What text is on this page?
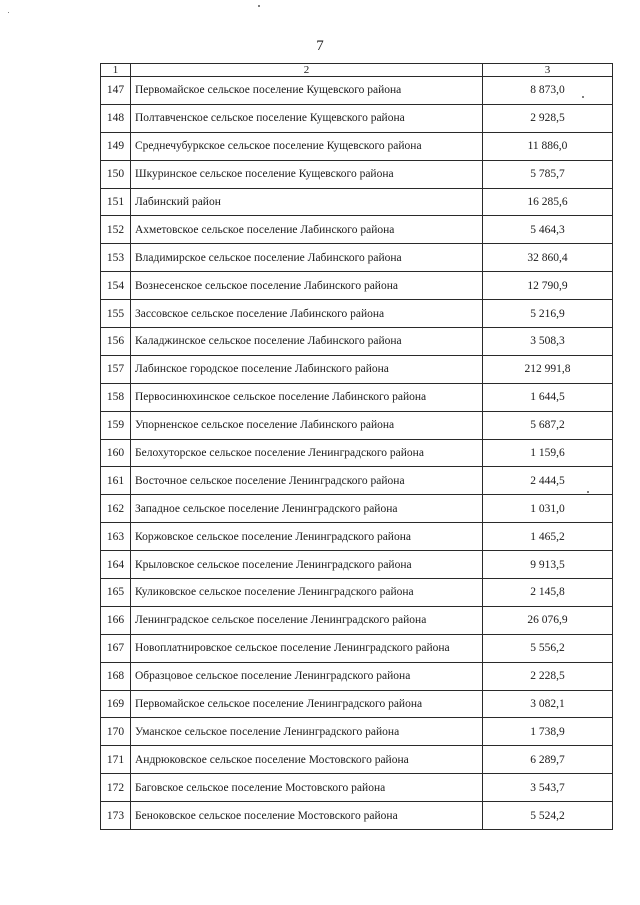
7
1	2	3
147	Первомайское сельское поселение Кущевского района	8 873,0
148	Полтавченское сельское поселение Кущевского района	2 928,5
149	Среднечубуркское сельское поселение Кущевского района	11 886,0
150	Шкуринское сельское поселение Кущевского района	5 785,7
151	Лабинский район	16 285,6
152	Ахметовское сельское поселение Лабинского района	5 464,3
153	Владимирское сельское поселение Лабинского района	32 860,4
154	Вознесенское сельское поселение Лабинского района	12 790,9
155	Зассовское сельское поселение Лабинского района	5 216,9
156	Каладжинское сельское поселение Лабинского района	3 508,3
157	Лабинское городское поселение Лабинского района	212 991,8
158	Первосинюхинское сельское поселение Лабинского района	1 644,5
159	Упорненское сельское поселение Лабинского района	5 687,2
160	Белохуторское сельское поселение Ленинградского района	1 159,6
161	Восточное сельское поселение Ленинградского района	2 444,5
162	Западное сельское поселение Ленинградского района	1 031,0
163	Коржовское сельское поселение Ленинградского района	1 465,2
164	Крыловское сельское поселение Ленинградского района	9 913,5
165	Куликовское сельское поселение Ленинградского района	2 145,8
166	Ленинградское сельское поселение Ленинградского района	26 076,9
167	Новоплатнировское сельское поселение Ленинградского района	5 556,2
168	Образцовое сельское поселение Ленинградского района	2 228,5
169	Первомайское сельское поселение Ленинградского района	3 082,1
170	Уманское сельское поселение Ленинградского района	1 738,9
171	Андрюковское сельское поселение Мостовского района	6 289,7
172	Баговское сельское поселение Мостовского района	3 543,7
173	Беноковское сельское поселение Мостовского района	5 524,2
